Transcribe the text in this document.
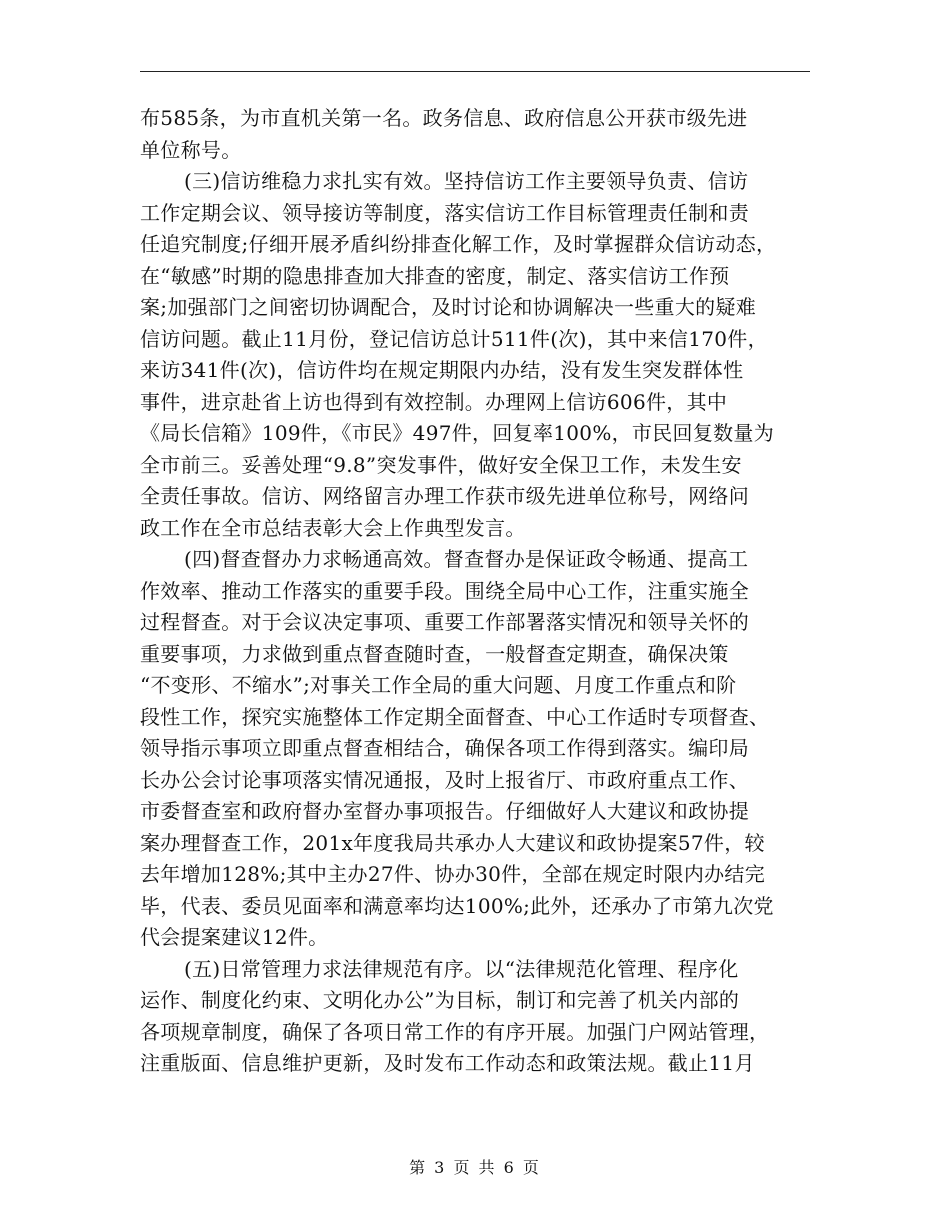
布585条，为市直机关第一名。政务信息、政府信息公开获市级先进
单位称号。
(三)信访维稳力求扎实有效。坚持信访工作主要领导负责、信访
工作定期会议、领导接访等制度，落实信访工作目标管理责任制和责
任追究制度;仔细开展矛盾纠纷排查化解工作，及时掌握群众信访动态，
在“敏感”时期的隐患排查加大排查的密度，制定、落实信访工作预
案;加强部门之间密切协调配合，及时讨论和协调解决一些重大的疑难
信访问题。截止11月份，登记信访总计511件(次)，其中来信170件，
来访341件(次)，信访件均在规定期限内办结，没有发生突发群体性
事件，进京赴省上访也得到有效控制。办理网上信访606件，其中
《局长信箱》109件，《市民》497件，回复率100%，市民回复数量为
全市前三。妥善处理“9.8”突发事件，做好安全保卫工作，未发生安
全责任事故。信访、网络留言办理工作获市级先进单位称号，网络问
政工作在全市总结表彰大会上作典型发言。
(四)督查督办力求畅通高效。督查督办是保证政令畅通、提高工
作效率、推动工作落实的重要手段。围绕全局中心工作，注重实施全
过程督查。对于会议决定事项、重要工作部署落实情况和领导关怀的
重要事项，力求做到重点督查随时查，一般督查定期查，确保决策
“不变形、不缩水”;对事关工作全局的重大问题、月度工作重点和阶
段性工作，探究实施整体工作定期全面督查、中心工作适时专项督查、
领导指示事项立即重点督查相结合，确保各项工作得到落实。编印局
长办公会讨论事项落实情况通报，及时上报省厅、市政府重点工作、
市委督查室和政府督办室督办事项报告。仔细做好人大建议和政协提
案办理督查工作，201x年度我局共承办人大建议和政协提案57件，较
去年增加128%;其中主办27件、协办30件，全部在规定时限内办结完
毕，代表、委员见面率和满意率均达100%;此外，还承办了市第九次党
代会提案建议12件。
(五)日常管理力求法律规范有序。以“法律规范化管理、程序化
运作、制度化约束、文明化办公”为目标，制订和完善了机关内部的
各项规章制度，确保了各项日常工作的有序开展。加强门户网站管理，
注重版面、信息维护更新，及时发布工作动态和政策法规。截止11月
第 3 页 共 6 页
